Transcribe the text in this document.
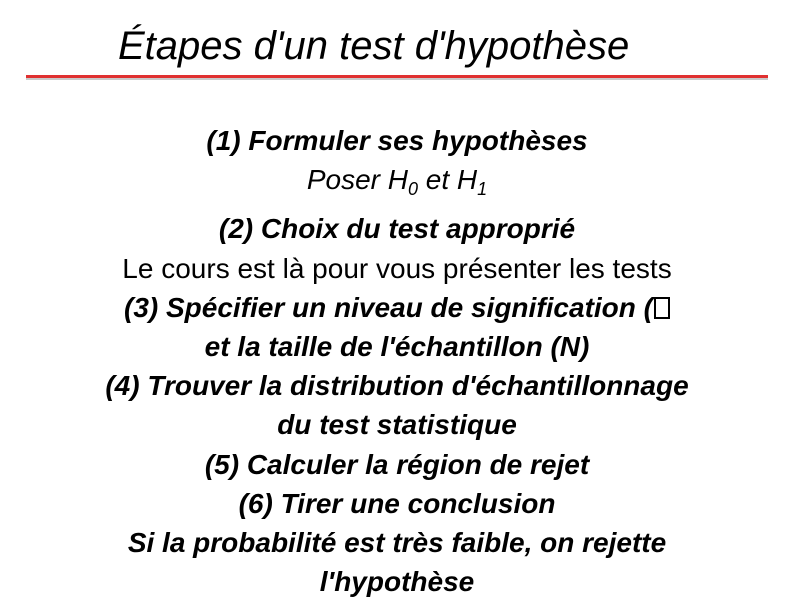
Étapes d'un test d'hypothèse
(1) Formuler ses hypothèses
Poser $H_0$ et $H_1$
(2) Choix du test approprié
Le cours est là pour vous présenter les tests
(3) Spécifier un niveau de signification (
et la taille de l'échantillon (N)
(4) Trouver la distribution d'échantillonnage
du test statistique
(5) Calculer la région de rejet
(6) Tirer une conclusion
Si la probabilité est très faible, on rejette
l'hypothèse
